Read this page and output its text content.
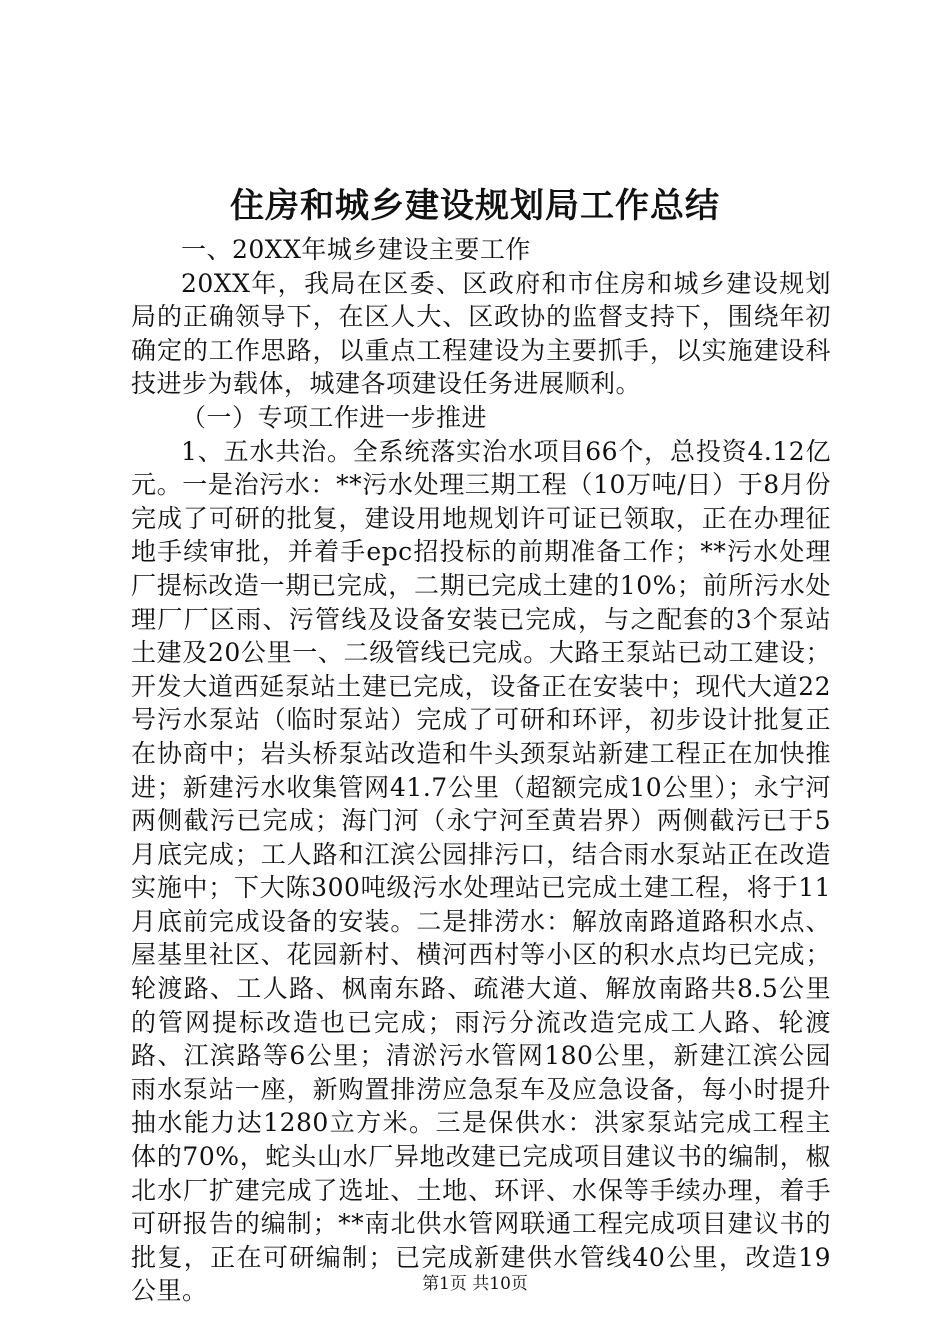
住房和城乡建设规划局工作总结

一、20XX年城乡建设主要工作

20XX年，我局在区委、区政府和市住房和城乡建设规划局的正确领导下，在区人大、区政协的监督支持下，围绕年初确定的工作思路，以重点工程建设为主要抓手，以实施建设科技进步为载体，城建各项建设任务进展顺利。

（一）专项工作进一步推进

1、五水共治。全系统落实治水项目66个，总投资4.12亿元。一是治污水：**污水处理三期工程（10万吨/日）于8月份完成了可研的批复，建设用地规划许可证已领取，正在办理征地手续审批，并着手epc招投标的前期准备工作；**污水处理厂提标改造一期已完成，二期已完成土建的10%；前所污水处理厂厂区雨、污管线及设备安装已完成，与之配套的3个泵站土建及20公里一、二级管线已完成。大路王泵站已动工建设；开发大道西延泵站土建已完成，设备正在安装中；现代大道22号污水泵站（临时泵站）完成了可研和环评，初步设计批复正在协商中；岩头桥泵站改造和牛头颈泵站新建工程正在加快推进；新建污水收集管网41.7公里（超额完成10公里）；永宁河两侧截污已完成；海门河（永宁河至黄岩界）两侧截污已于5月底完成；工人路和江滨公园排污口，结合雨水泵站正在改造实施中；下大陈300吨级污水处理站已完成土建工程，将于11月底前完成设备的安装。二是排涝水：解放南路道路积水点、屋基里社区、花园新村、横河西村等小区的积水点均已完成；轮渡路、工人路、枫南东路、疏港大道、解放南路共8.5公里的管网提标改造也已完成；雨污分流改造完成工人路、轮渡路、江滨路等6公里；清淤污水管网180公里，新建江滨公园雨水泵站一座，新购置排涝应急泵车及应急设备，每小时提升抽水能力达1280立方米。三是保供水：洪家泵站完成工程主体的70%，蛇头山水厂异地改建已完成项目建议书的编制，椒北水厂扩建完成了选址、土地、环评、水保等手续办理，着手可研报告的编制；**南北供水管网联通工程完成项目建议书的批复，正在可研编制；已完成新建供水管线40公里，改造19公里。	第1页 共10页
